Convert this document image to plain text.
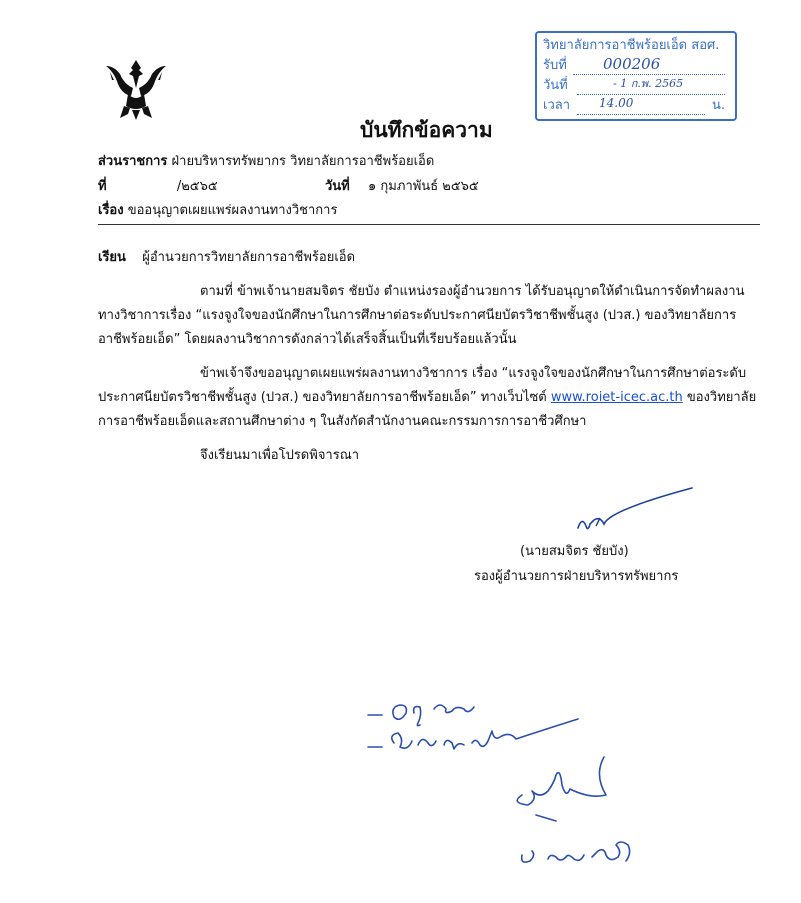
วิทยาลัยการอาชีพร้อยเอ็ด สอศ.
รับที่ 000206
วันที่	- 1 ก.พ. 2565
เวลา 14.00	น.
บันทึกข้อความ
ส่วนราชการ ฝ่ายบริหารทรัพยากร วิทยาลัยการอาชีพร้อยเอ็ด
ที่	/๒๕๖๕	วันที่ ๑ กุมภาพันธ์ ๒๕๖๕
เรื่อง ขออนุญาตเผยแพร่ผลงานทางวิชาการ
เรียน ผู้อำนวยการวิทยาลัยการอาชีพร้อยเอ็ด
ตามที่ ข้าพเจ้านายสมจิตร ชัยบัง ตำแหน่งรองผู้อำนวยการ ได้รับอนุญาตให้ดำเนินการจัดทำผลงาน
ทางวิชาการเรื่อง “แรงจูงใจของนักศึกษาในการศึกษาต่อระดับประกาศนียบัตรวิชาชีพชั้นสูง (ปวส.) ของวิทยาลัยการ
อาชีพร้อยเอ็ด” โดยผลงานวิชาการดังกล่าวได้เสร็จสิ้นเป็นที่เรียบร้อยแล้วนั้น
ข้าพเจ้าจึงขออนุญาตเผยแพร่ผลงานทางวิชาการ เรื่อง “แรงจูงใจของนักศึกษาในการศึกษาต่อระดับ
ประกาศนียบัตรวิชาชีพชั้นสูง (ปวส.) ของวิทยาลัยการอาชีพร้อยเอ็ด” ทางเว็บไซต์ www.roiet-icec.ac.th ของวิทยาลัย
การอาชีพร้อยเอ็ดและสถานศึกษาต่าง ๆ ในสังกัดสำนักงานคณะกรรมการการอาชีวศึกษา
จึงเรียนมาเพื่อโปรดพิจารณา
(นายสมจิตร ชัยบัง)
รองผู้อำนวยการฝ่ายบริหารทรัพยากร
